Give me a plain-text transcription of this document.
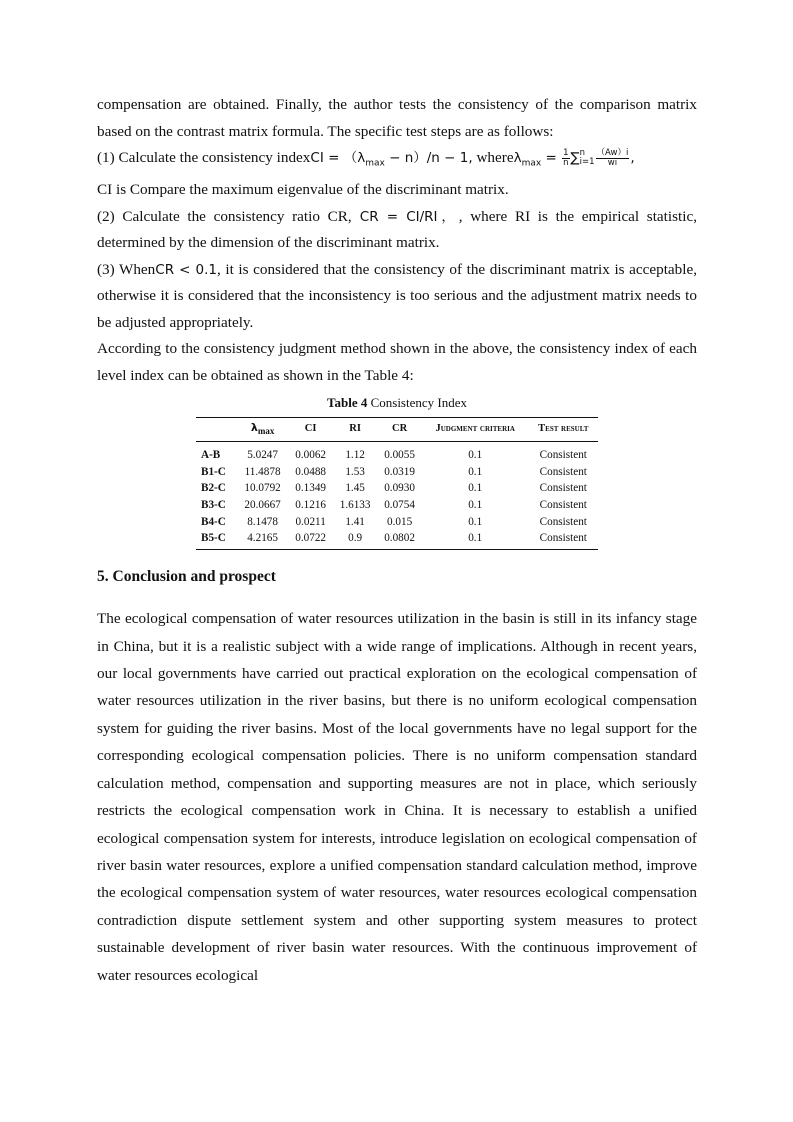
compensation are obtained. Finally, the author tests the consistency of the comparison matrix based on the contrast matrix formula. The specific test steps are as follows:

(1) Calculate the consistency indexCI = $(\lambda_{max} - n)/n - 1$, whereλ$_{max}$ = $\frac{1}{n}$ ∑ n
$i=1 \frac{(Aw)i}{wi}$ ,
CI is Compare the maximum eigenvalue of the discriminant matrix.

(2) Calculate the consistency ratio CR, CR = CI/RI，, where RI is the empirical statistic, determined by the dimension of the discriminant matrix.

(3) WhenCR < 0.1, it is considered that the consistency of the discriminant matrix is acceptable, otherwise it is considered that the inconsistency is too serious and the adjustment matrix needs to be adjusted appropriately.

According to the consistency judgment method shown in the above, the consistency index of each level index can be obtained as shown in the Table 4:

Table 4 Consistency Index
	$\lambda_{max}$	CI	RI	CR	Judgment criteria	Test result
A-B	5.0247	0.0062	1.12	0.0055	0.1	Consistent
B1-C	11.4878	0.0488	1.53	0.0319	0.1	Consistent
B2-C	10.0792	0.1349	1.45	0.0930	0.1	Consistent
B3-C	20.0667	0.1216	1.6133	0.0754	0.1	Consistent
B4-C	8.1478	0.0211	1.41	0.015	0.1	Consistent
B5-C	4.2165	0.0722	0.9	0.0802	0.1	Consistent
5. Conclusion and prospect

The ecological compensation of water resources utilization in the basin is still in its infancy stage in China, but it is a realistic subject with a wide range of implications. Although in recent years, our local governments have carried out practical exploration on the ecological compensation of water resources utilization in the river basins, but there is no uniform ecological compensation system for guiding the river basins. Most of the local governments have no legal support for the corresponding ecological compensation policies. There is no uniform compensation standard calculation method, compensation and supporting measures are not in place, which seriously restricts the ecological compensation work in China. It is necessary to establish a unified ecological compensation system for interests, introduce legislation on ecological compensation of river basin water resources, explore a unified compensation standard calculation method, improve the ecological compensation system of water resources, water resources ecological compensation contradiction dispute settlement system and other supporting system measures to protect sustainable development of river basin water resources. With the continuous improvement of water resources ecological
